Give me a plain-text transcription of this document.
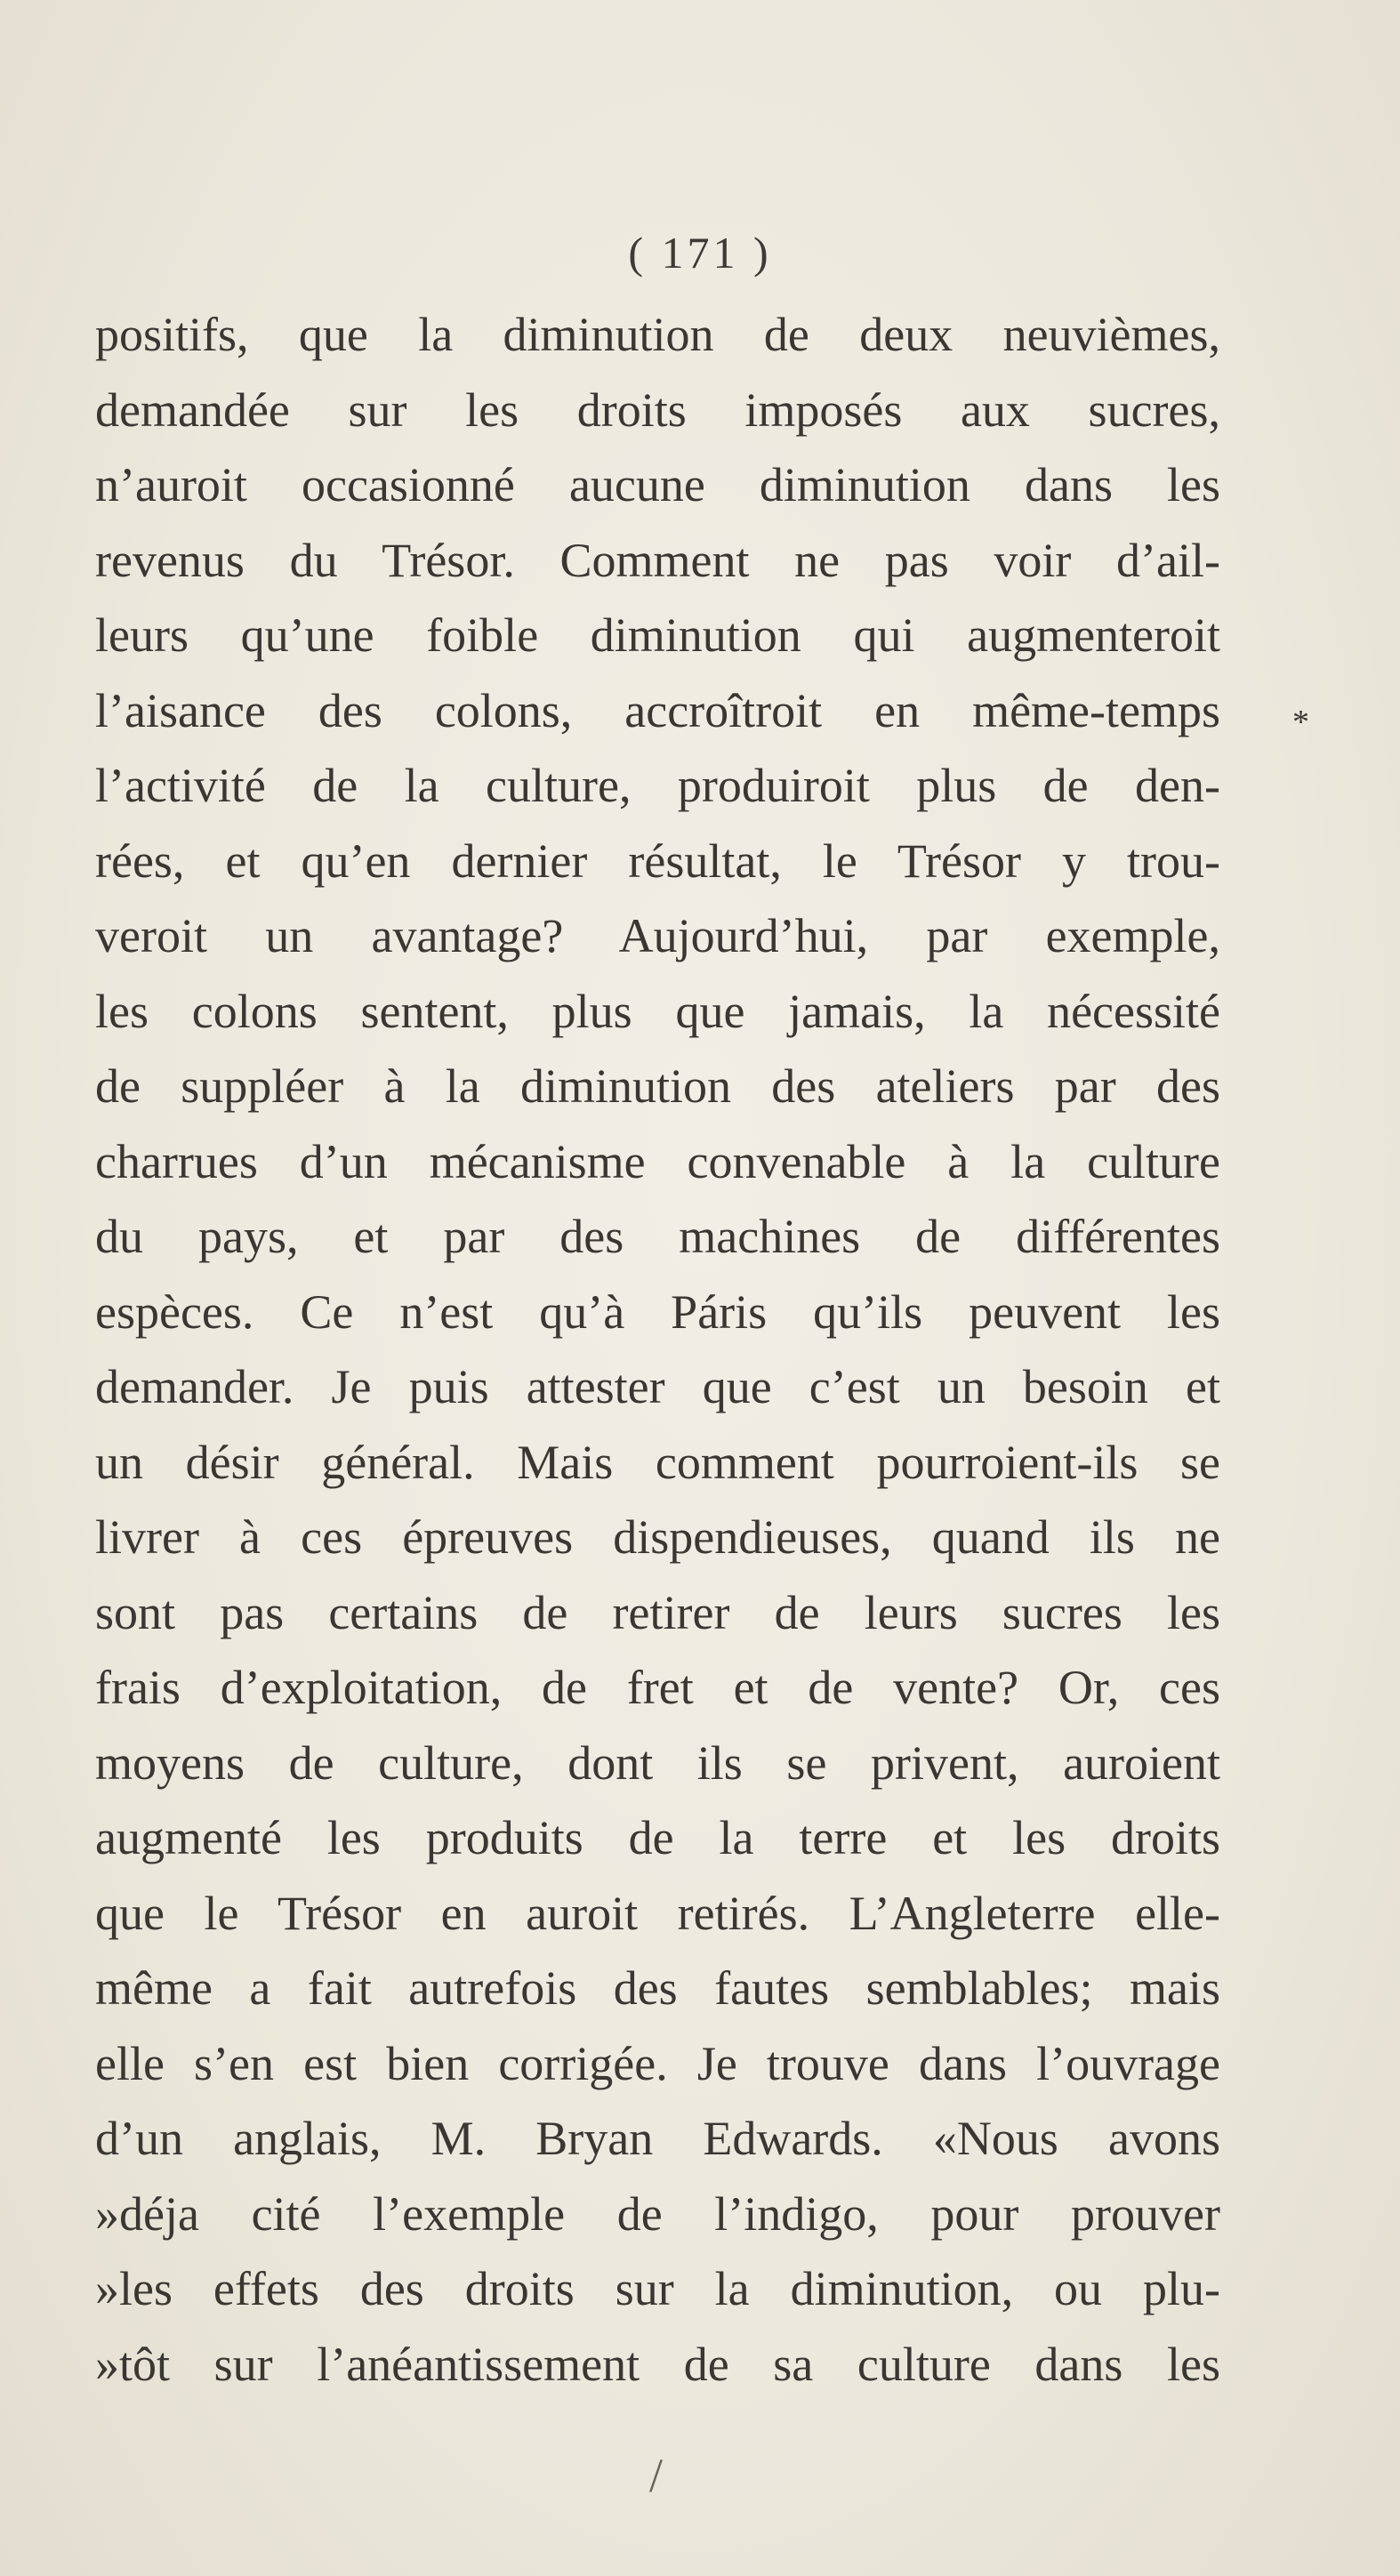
( 171 )
positifs, que la diminution de deux neuvièmes,
demandée sur les droits imposés aux sucres,
n’auroit occasionné aucune diminution dans les
revenus du Trésor. Comment ne pas voir d’ail-
leurs qu’une foible diminution qui augmenteroit
l’aisance des colons, accroîtroit en même-temps
l’activité de la culture, produiroit plus de den-
rées, et qu’en dernier résultat, le Trésor y trou-
veroit un avantage? Aujourd’hui, par exemple,
les colons sentent, plus que jamais, la nécessité
de suppléer à la diminution des ateliers par des
charrues d’un mécanisme convenable à la culture
du pays, et par des machines de différentes
espèces. Ce n’est qu’à Páris qu’ils peuvent les
demander. Je puis attester que c’est un besoin et
un désir général. Mais comment pourroient-ils se
livrer à ces épreuves dispendieuses, quand ils ne
sont pas certains de retirer de leurs sucres les
frais d’exploitation, de fret et de vente? Or, ces
moyens de culture, dont ils se privent, auroient
augmenté les produits de la terre et les droits
que le Trésor en auroit retirés. L’Angleterre elle-
même a fait autrefois des fautes semblables; mais
elle s’en est bien corrigée. Je trouve dans l’ouvrage
d’un anglais, M. Bryan Edwards. «Nous avons
»déja cité l’exemple de l’indigo, pour prouver
»les effets des droits sur la diminution, ou plu-
»tôt sur l’anéantissement de sa culture dans les
*
/
